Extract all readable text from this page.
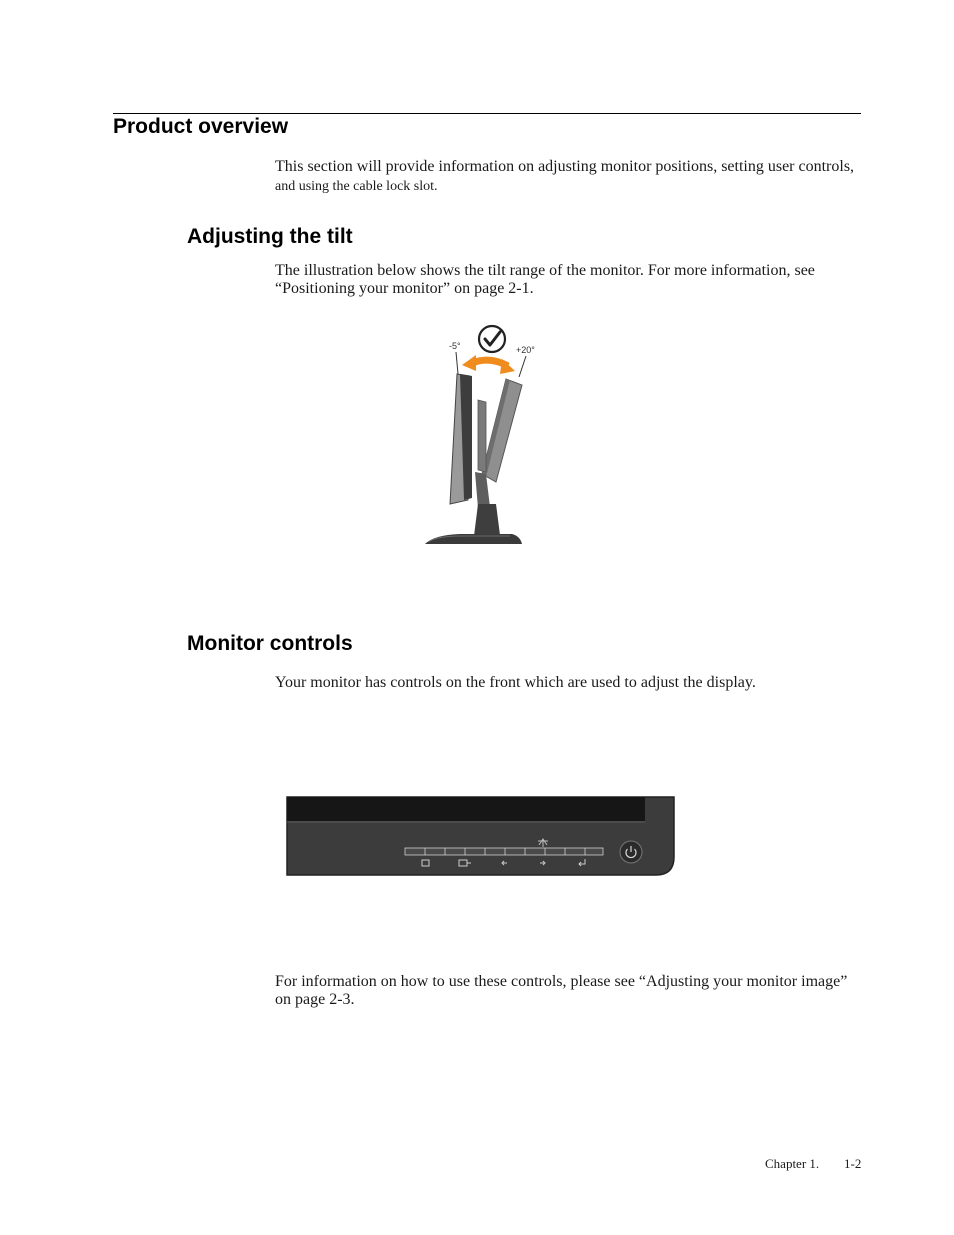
Product overview

This section will provide information on adjusting monitor positions, setting user controls, and using the cable lock slot.

Adjusting the tilt

The illustration below shows the tilt range of the monitor. For more information, see “Positioning your monitor” on page 2-1.

-5°	+20°
Monitor controls

Your monitor has controls on the front which are used to adjust the display.

For information on how to use these controls, please see “Adjusting your monitor image” on page 2-3.

Chapter 1. 1-2
